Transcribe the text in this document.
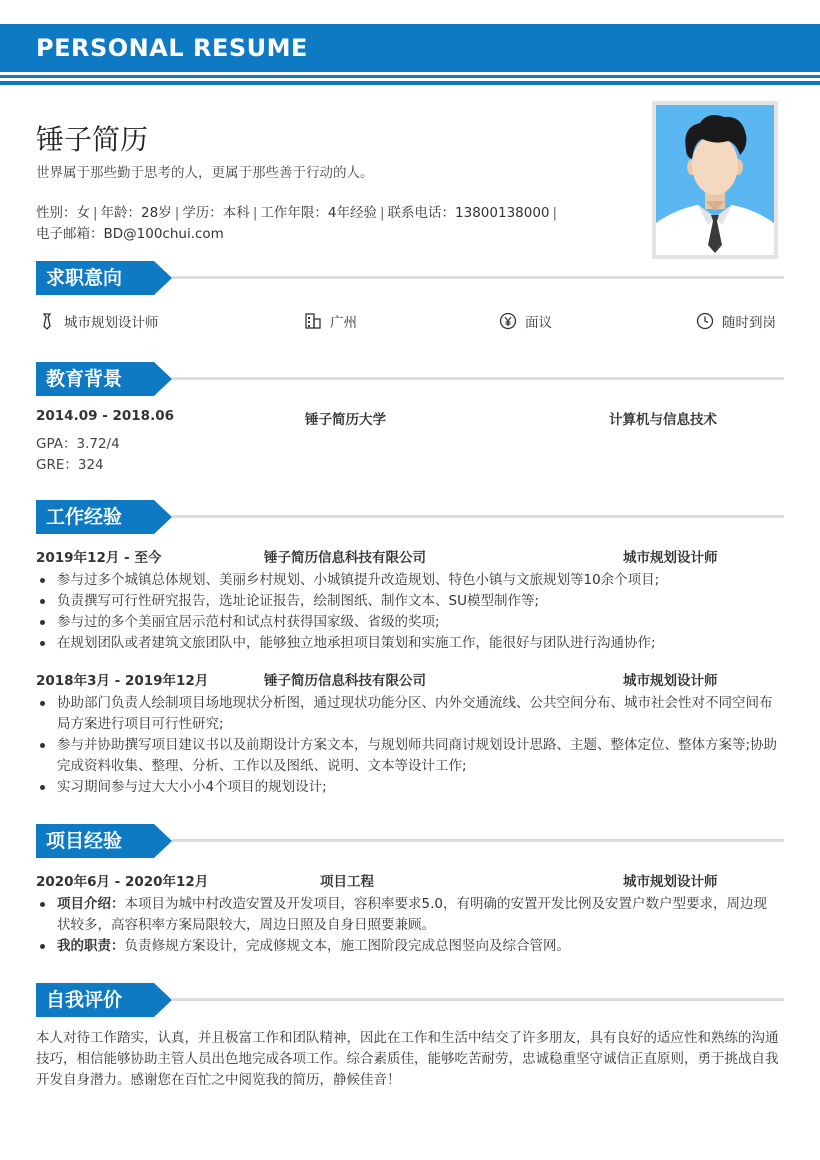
PERSONAL RESUME
锤子简历
世界属于那些勤于思考的人，更属于那些善于行动的人。
性别：女 | 年龄：28岁 | 学历：本科 | 工作年限：4年经验 | 联系电话：13800138000 |
电子邮箱：BD@100chui.com
求职意向
城市规划设计师	广州	面议	随时到岗
教育背景
2014.09 - 2018.06	锤子简历大学	计算机与信息技术
GPA：3.72/4
GRE：324
工作经验
2019年12月 - 至今	锤子简历信息科技有限公司	城市规划设计师
参与过多个城镇总体规划、美丽乡村规划、小城镇提升改造规划、特色小镇与文旅规划等10余个项目;
负责撰写可行性研究报告，选址论证报告，绘制图纸、制作文本、SU模型制作等;
参与过的多个美丽宜居示范村和试点村获得国家级、省级的奖项;
在规划团队或者建筑文旅团队中，能够独立地承担项目策划和实施工作，能很好与团队进行沟通协作;
2018年3月 - 2019年12月	锤子简历信息科技有限公司	城市规划设计师
协助部门负责人绘制项目场地现状分析图，通过现状功能分区、内外交通流线、公共空间分布、城市社会性对不同空间布局方案进行项目可行性研究;
参与并协助撰写项目建议书以及前期设计方案文本，与规划师共同商讨规划设计思路、主题、整体定位、整体方案等;协助完成资料收集、整理、分析、工作以及图纸、说明、文本等设计工作;
实习期间参与过大大小小4个项目的规划设计;
项目经验
2020年6月 - 2020年12月	项目工程	城市规划设计师
项目介绍：本项目为城中村改造安置及开发项目，容积率要求5.0，有明确的安置开发比例及安置户数户型要求，周边现状较多，高容积率方案局限较大，周边日照及自身日照要兼顾。
我的职责：负责修规方案设计，完成修规文本，施工图阶段完成总图竖向及综合管网。
自我评价
本人对待工作踏实，认真，并且极富工作和团队精神，因此在工作和生活中结交了许多朋友，具有良好的适应性和熟练的沟通技巧，相信能够协助主管人员出色地完成各项工作。综合素质佳，能够吃苦耐劳，忠诚稳重坚守诚信正直原则，勇于挑战自我开发自身潜力。感谢您在百忙之中阅览我的简历，静候佳音！
